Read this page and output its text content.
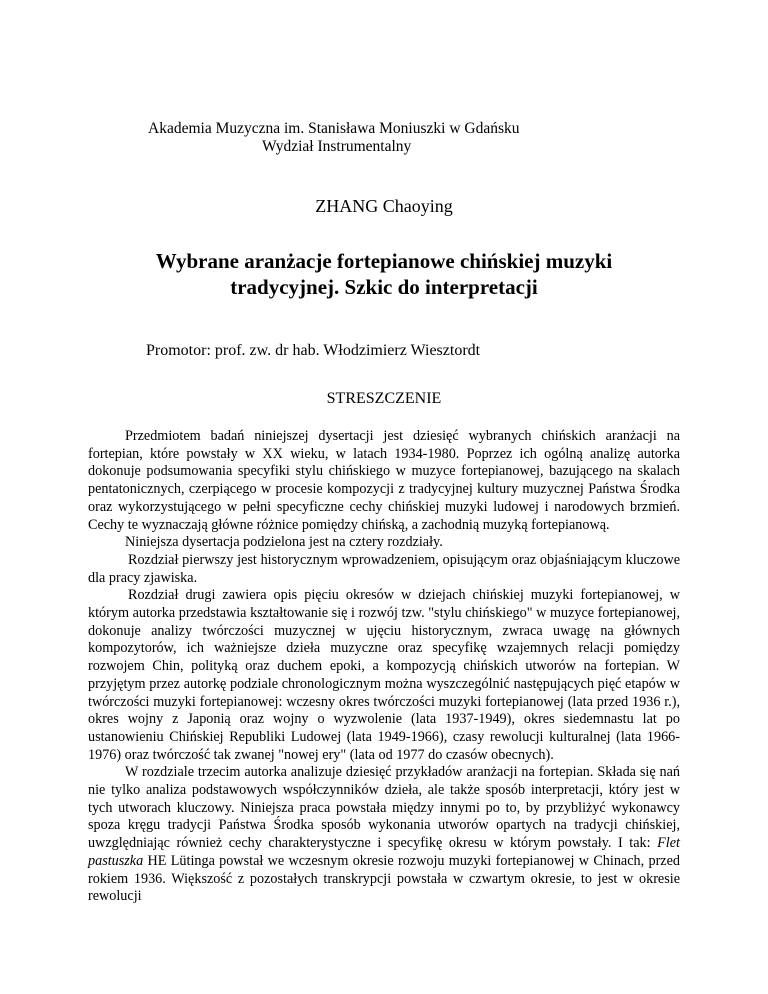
Akademia Muzyczna im. Stanisława Moniuszki w Gdańsku
Wydział Instrumentalny
ZHANG Chaoying
Wybrane aranżacje fortepianowe chińskiej muzyki
tradycyjnej. Szkic do interpretacji
Promotor: prof. zw. dr hab. Włodzimierz Wiesztordt
STRESZCZENIE

Przedmiotem badań niniejszej dysertacji jest dziesięć wybranych chińskich aranżacji na fortepian, które powstały w XX wieku, w latach 1934-1980. Poprzez ich ogólną analizę autorka dokonuje podsumowania specyfiki stylu chińskiego w muzyce fortepianowej, bazującego na skalach pentatonicznych, czerpiącego w procesie kompozycji z tradycyjnej kultury muzycznej Państwa Środka oraz wykorzystującego w pełni specyficzne cechy chińskiej muzyki ludowej i narodowych brzmień. Cechy te wyznaczają główne różnice pomiędzy chińską, a zachodnią muzyką fortepianową.

Niniejsza dysertacja podzielona jest na cztery rozdziały.

Rozdział pierwszy jest historycznym wprowadzeniem, opisującym oraz objaśniającym kluczowe dla pracy zjawiska.

Rozdział drugi zawiera opis pięciu okresów w dziejach chińskiej muzyki fortepianowej, w którym autorka przedstawia kształtowanie się i rozwój tzw. "stylu chińskiego" w muzyce fortepianowej, dokonuje analizy twórczości muzycznej w ujęciu historycznym, zwraca uwagę na głównych kompozytorów, ich ważniejsze dzieła muzyczne oraz specyfikę wzajemnych relacji pomiędzy rozwojem Chin, polityką oraz duchem epoki, a kompozycją chińskich utworów na fortepian. W przyjętym przez autorkę podziale chronologicznym można wyszczególnić następujących pięć etapów w twórczości muzyki fortepianowej: wczesny okres twórczości muzyki fortepianowej (lata przed 1936 r.), okres wojny z Japonią oraz wojny o wyzwolenie (lata 1937-1949), okres siedemnastu lat po ustanowieniu Chińskiej Republiki Ludowej (lata 1949-1966), czasy rewolucji kulturalnej (lata 1966-1976) oraz twórczość tak zwanej "nowej ery" (lata od 1977 do czasów obecnych).

W rozdziale trzecim autorka analizuje dziesięć przykładów aranżacji na fortepian. Składa się nań nie tylko analiza podstawowych współczynników dzieła, ale także sposób interpretacji, który jest w tych utworach kluczowy. Niniejsza praca powstała między innymi po to, by przybliżyć wykonawcy spoza kręgu tradycji Państwa Środka sposób wykonania utworów opartych na tradycji chińskiej, uwzględniając również cechy charakterystyczne i specyfikę okresu w którym powstały. I tak: Flet pastuszka HE Lütinga powstał we wczesnym okresie rozwoju muzyki fortepianowej w Chinach, przed rokiem 1936. Większość z pozostałych transkrypcji powstała w czwartym okresie, to jest w okresie rewolucji
